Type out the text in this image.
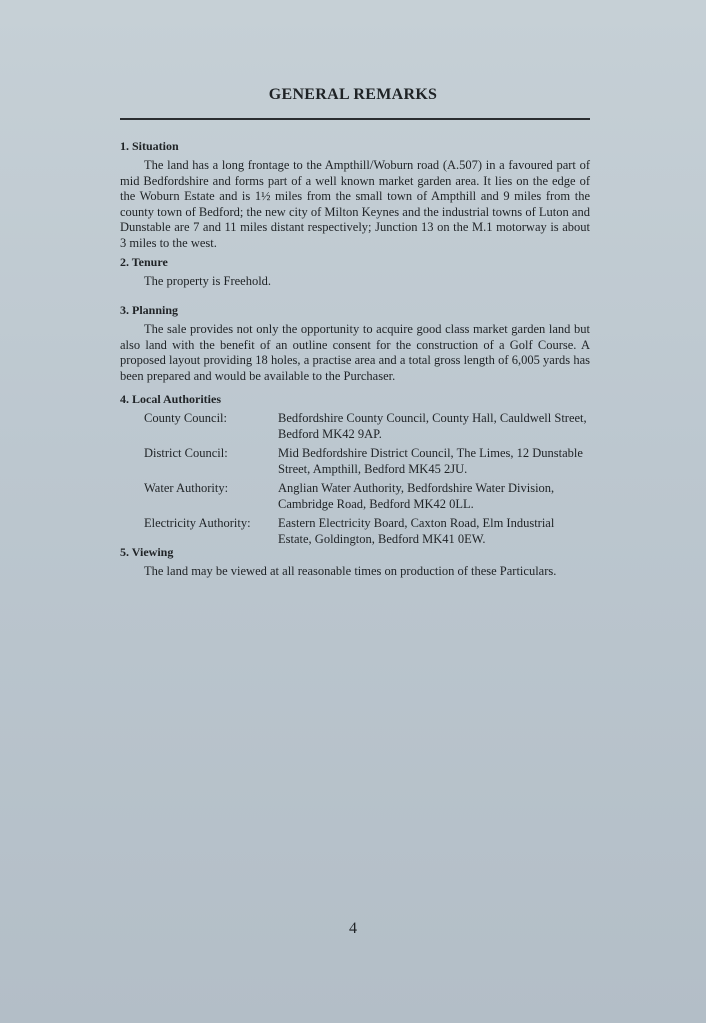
GENERAL REMARKS

1. Situation

The land has a long frontage to the Ampthill/Woburn road (A.507) in a favoured part of mid Bedfordshire and forms part of a well known market garden area. It lies on the edge of the Woburn Estate and is 1½ miles from the small town of Ampthill and 9 miles from the county town of Bedford; the new city of Milton Keynes and the industrial towns of Luton and Dunstable are 7 and 11 miles distant respectively; Junction 13 on the M.1 motorway is about 3 miles to the west.

2. Tenure

The property is Freehold.

3. Planning

The sale provides not only the opportunity to acquire good class market garden land but also land with the benefit of an outline consent for the construction of a Golf Course. A proposed layout providing 18 holes, a practise area and a total gross length of 6,005 yards has been prepared and would be available to the Purchaser.

4. Local Authorities

County Council:	Bedfordshire County Council, County Hall, Cauldwell Street, Bedford MK42 9AP.
District Council:	Mid Bedfordshire District Council, The Limes, 12 Dunstable Street, Ampthill, Bedford MK45 2JU.
Water Authority:	Anglian Water Authority, Bedfordshire Water Division, Cambridge Road, Bedford MK42 0LL.
Electricity Authority:	Eastern Electricity Board, Caxton Road, Elm Industrial Estate, Goldington, Bedford MK41 0EW.

5. Viewing

The land may be viewed at all reasonable times on production of these Particulars.

4
